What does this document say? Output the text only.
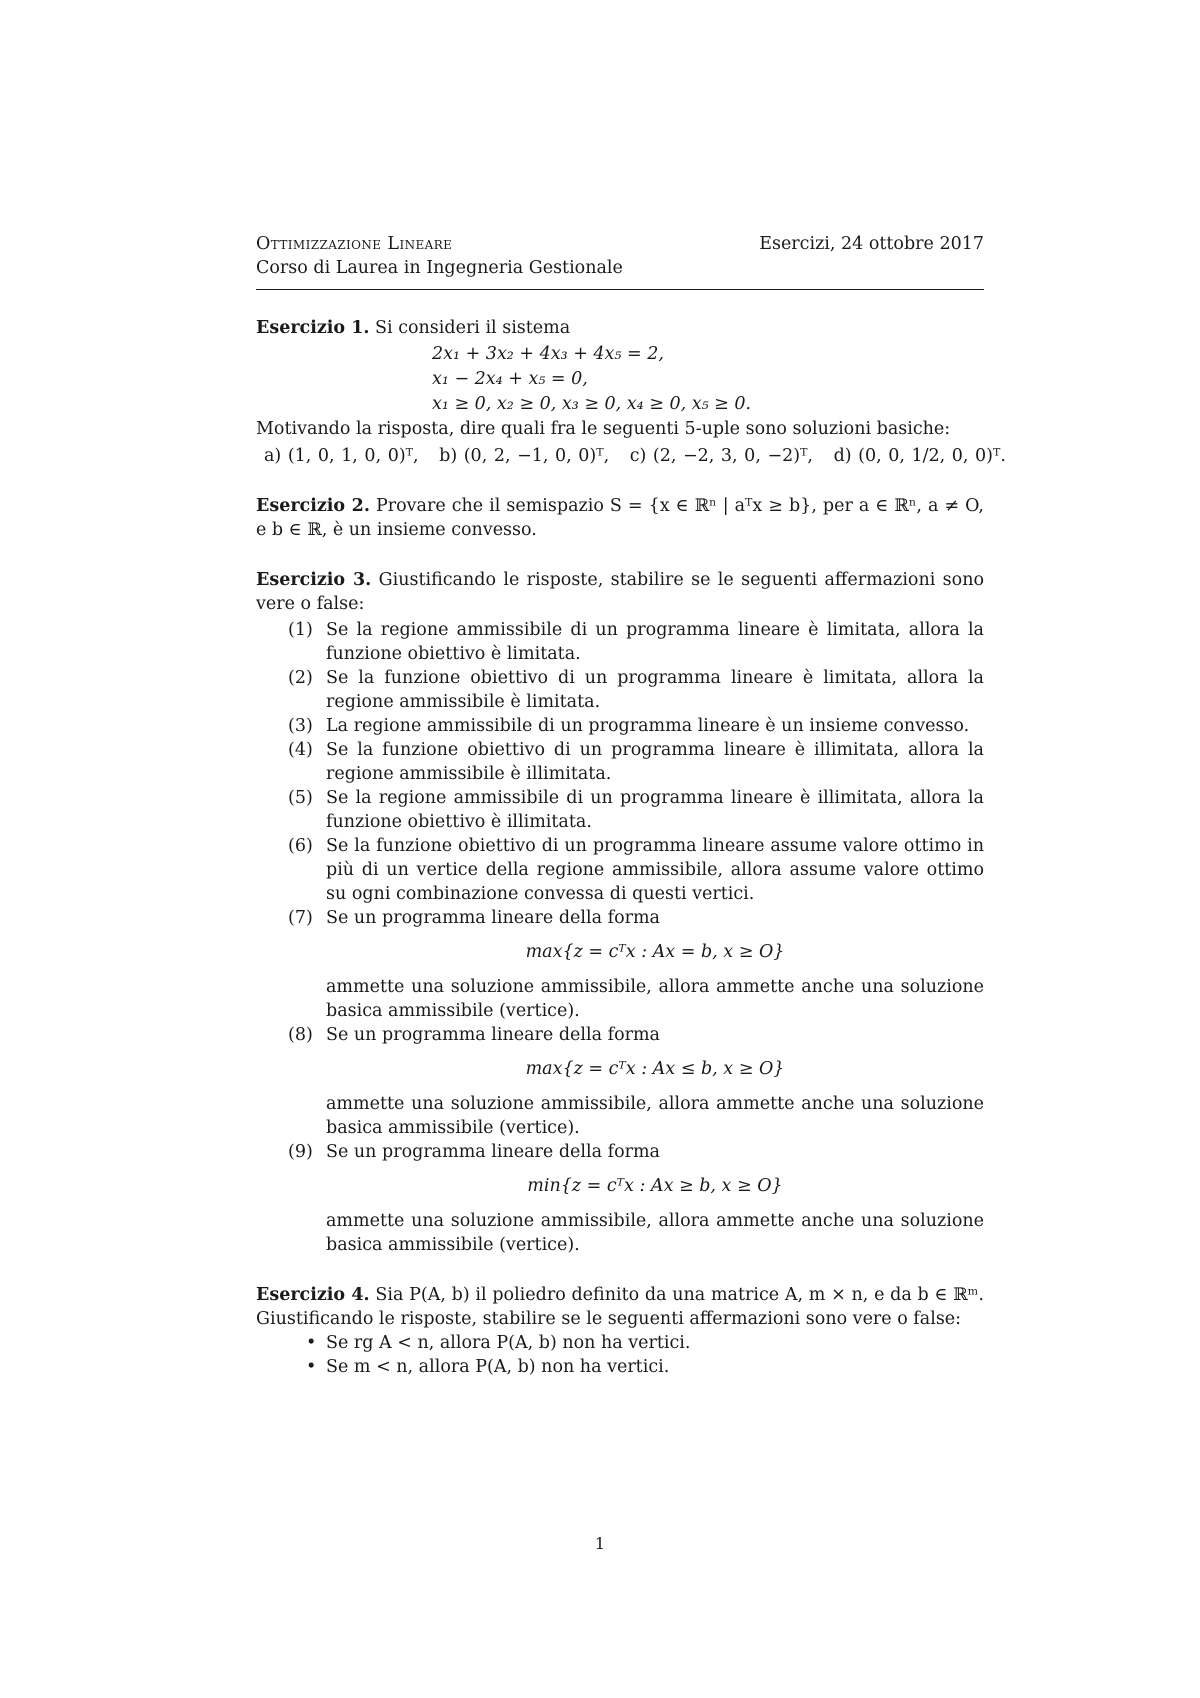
Ottimizzazione Lineare	Esercizi, 24 ottobre 2017
Corso di Laurea in Ingegneria Gestionale
Esercizio 1. Si consideri il sistema
2x₁ + 3x₂ + 4x₃ + 4x₅ = 2,
x₁ − 2x₄ + x₅ = 0,
x₁ ≥ 0, x₂ ≥ 0, x₃ ≥ 0, x₄ ≥ 0, x₅ ≥ 0.
Motivando la risposta, dire quali fra le seguenti 5-uple sono soluzioni basiche:
a) (1, 0, 1, 0, 0)ᵀ, b) (0, 2, −1, 0, 0)ᵀ, c) (2, −2, 3, 0, −2)ᵀ, d) (0, 0, 1/2, 0, 0)ᵀ.
Esercizio 2. Provare che il semispazio S = {x ∈ ℝⁿ | aᵀx ≥ b}, per a ∈ ℝⁿ, a ≠ O, e b ∈ ℝ, è un insieme convesso.
Esercizio 3. Giustificando le risposte, stabilire se le seguenti affermazioni sono vere o false:
(1) Se la regione ammissibile di un programma lineare è limitata, allora la funzione obiettivo è limitata.
(2) Se la funzione obiettivo di un programma lineare è limitata, allora la regione ammissibile è limitata.
(3) La regione ammissibile di un programma lineare è un insieme convesso.
(4) Se la funzione obiettivo di un programma lineare è illimitata, allora la regione ammissibile è illimitata.
(5) Se la regione ammissibile di un programma lineare è illimitata, allora la funzione obiettivo è illimitata.
(6) Se la funzione obiettivo di un programma lineare assume valore ottimo in più di un vertice della regione ammissibile, allora assume valore ottimo su ogni combinazione convessa di questi vertici.
(7) Se un programma lineare della forma
max{z = cᵀx : Ax = b, x ≥ O}
ammette una soluzione ammissibile, allora ammette anche una soluzione basica ammissibile (vertice).
(8) Se un programma lineare della forma
max{z = cᵀx : Ax ≤ b, x ≥ O}
ammette una soluzione ammissibile, allora ammette anche una soluzione basica ammissibile (vertice).
(9) Se un programma lineare della forma
min{z = cᵀx : Ax ≥ b, x ≥ O}
ammette una soluzione ammissibile, allora ammette anche una soluzione basica ammissibile (vertice).
Esercizio 4. Sia P(A, b) il poliedro definito da una matrice A, m × n, e da b ∈ ℝᵐ. Giustificando le risposte, stabilire se le seguenti affermazioni sono vere o false:
• Se rg A < n, allora P(A, b) non ha vertici.
• Se m < n, allora P(A, b) non ha vertici.
1
